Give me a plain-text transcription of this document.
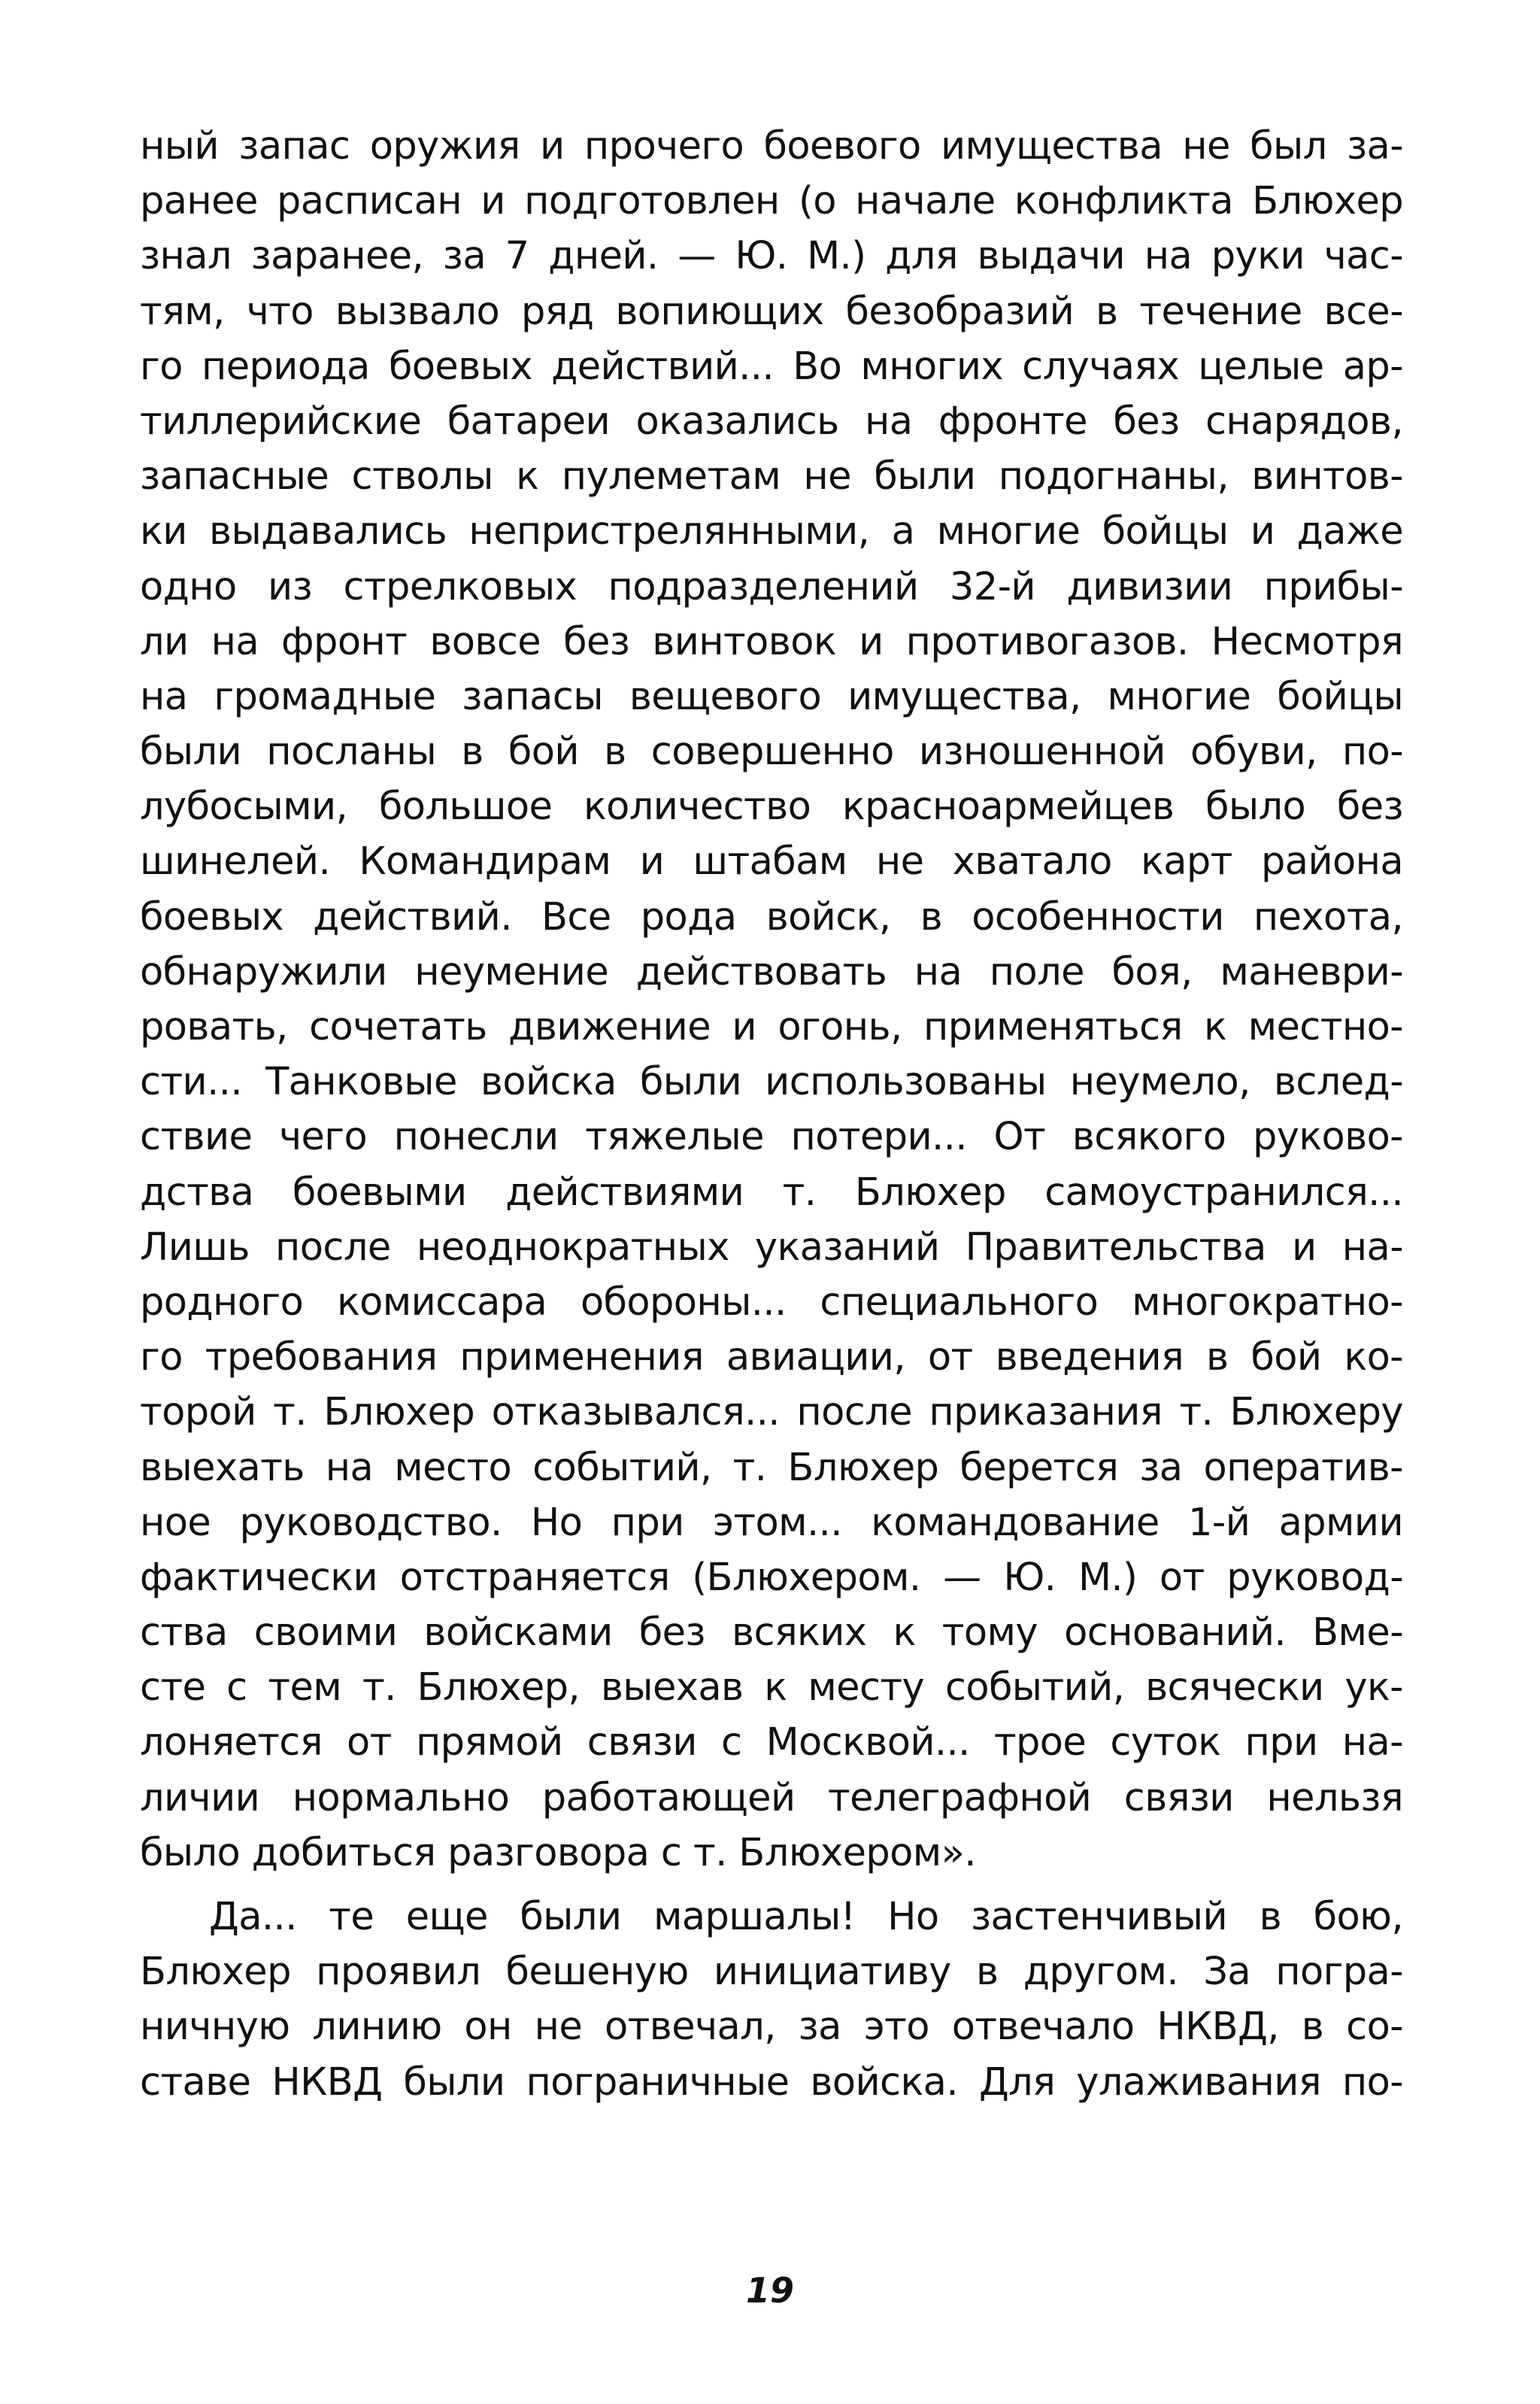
ный запас оружия и прочего боевого имущества не был за-
ранее расписан и подготовлен (о начале конфликта Блюхер
знал заранее, за 7 дней. — Ю. М.) для выдачи на руки час-
тям, что вызвало ряд вопиющих безобразий в течение все-
го периода боевых действий... Во многих случаях целые ар-
тиллерийские батареи оказались на фронте без снарядов,
запасные стволы к пулеметам не были подогнаны, винтов-
ки выдавались непристрелянными, а многие бойцы и даже
одно из стрелковых подразделений 32-й дивизии прибы-
ли на фронт вовсе без винтовок и противогазов. Несмотря
на громадные запасы вещевого имущества, многие бойцы
были посланы в бой в совершенно изношенной обуви, по-
лубосыми, большое количество красноармейцев было без
шинелей. Командирам и штабам не хватало карт района
боевых действий. Все рода войск, в особенности пехота,
обнаружили неумение действовать на поле боя, маневри-
ровать, сочетать движение и огонь, применяться к местно-
сти... Танковые войска были использованы неумело, вслед-
ствие чего понесли тяжелые потери... От всякого руково-
дства боевыми действиями т. Блюхер самоустранился...
Лишь после неоднократных указаний Правительства и на-
родного комиссара обороны... специального многократно-
го требования применения авиации, от введения в бой ко-
торой т. Блюхер отказывался... после приказания т. Блюхеру
выехать на место событий, т. Блюхер берется за оператив-
ное руководство. Но при этом... командование 1-й армии
фактически отстраняется (Блюхером. — Ю. М.) от руковод-
ства своими войсками без всяких к тому оснований. Вме-
сте с тем т. Блюхер, выехав к месту событий, всячески ук-
лоняется от прямой связи с Москвой... трое суток при на-
личии нормально работающей телеграфной связи нельзя
было добиться разговора с т. Блюхером».
Да... те еще были маршалы! Но застенчивый в бою,
Блюхер проявил бешеную инициативу в другом. За погра-
ничную линию он не отвечал, за это отвечало НКВД, в со-
ставе НКВД были пограничные войска. Для улаживания по-
19
